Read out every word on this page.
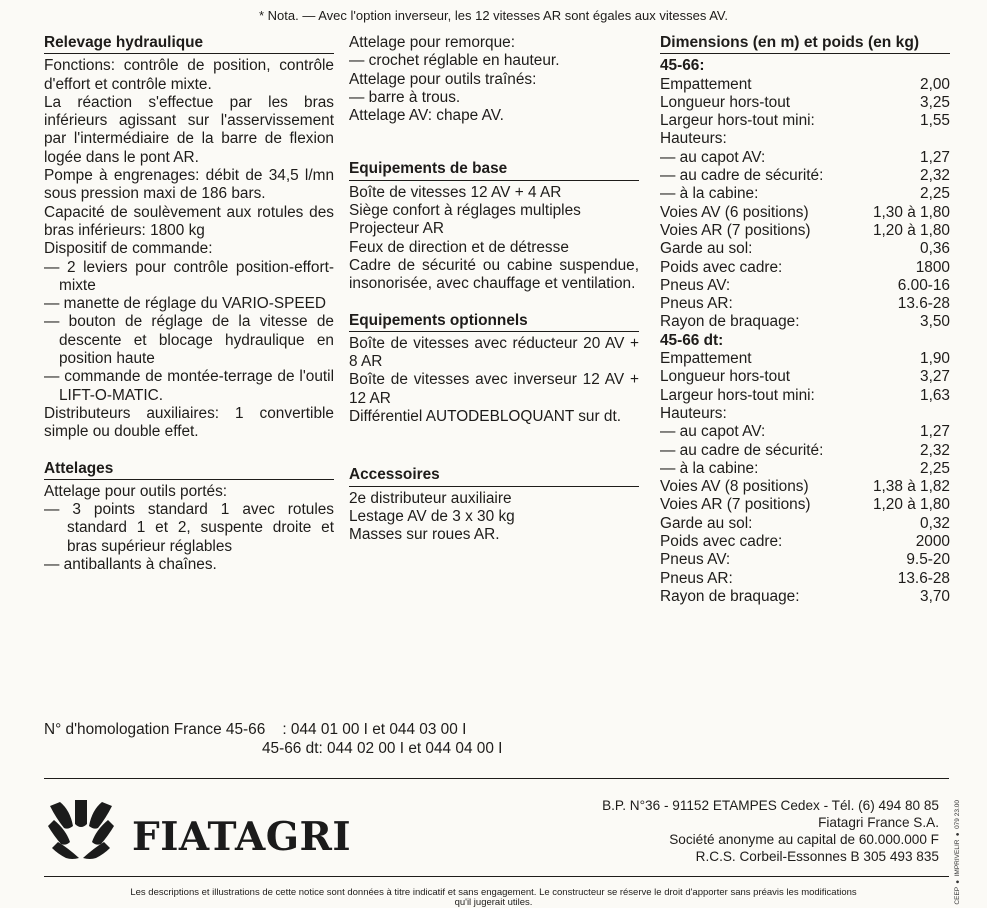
* Nota. — Avec l'option inverseur, les 12 vitesses AR sont égales aux vitesses AV.
Relevage hydraulique

Fonctions: contrôle de position, contrôle d'effort et contrôle mixte.

La réaction s'effectue par les bras inférieurs agissant sur l'asservissement par l'intermédiaire de la barre de flexion logée dans le pont AR.

Pompe à engrenages: débit de 34,5 l/mn sous pression maxi de 186 bars.

Capacité de soulèvement aux rotules des bras inférieurs: 1800 kg

Dispositif de commande:

— 2 leviers pour contrôle position-effort-mixte

— manette de réglage du VARIO-SPEED

— bouton de réglage de la vitesse de descente et blocage hydraulique en position haute

— commande de montée-terrage de l'outil LIFT-O-MATIC.

Distributeurs auxiliaires: 1 convertible simple ou double effet.

Attelages

Attelage pour outils portés:

— 3 points standard 1 avec rotules standard 1 et 2, suspente droite et bras supérieur réglables

— antiballants à chaînes.

Attelage pour remorque:

— crochet réglable en hauteur.

Attelage pour outils traînés:

— barre à trous.

Attelage AV: chape AV.

Equipements de base

Boîte de vitesses 12 AV + 4 AR

Siège confort à réglages multiples

Projecteur AR

Feux de direction et de détresse

Cadre de sécurité ou cabine suspendue, insonorisée, avec chauffage et ventilation.

Equipements optionnels

Boîte de vitesses avec réducteur 20 AV + 8 AR

Boîte de vitesses avec inverseur 12 AV + 12 AR

Différentiel AUTODEBLOQUANT sur dt.

Accessoires

2e distributeur auxiliaire

Lestage AV de 3 x 30 kg

Masses sur roues AR.

Dimensions (en m) et poids (en kg)
45-66:
Empattement	2,00
Longueur hors-tout	3,25
Largeur hors-tout mini:	1,55
Hauteurs:
— au capot AV:	1,27
— au cadre de sécurité:	2,32
— à la cabine:	2,25
Voies AV (6 positions)	1,30 à 1,80
Voies AR (7 positions)	1,20 à 1,80
Garde au sol:	0,36
Poids avec cadre:	1800
Pneus AV:	6.00-16
Pneus AR:	13.6-28
Rayon de braquage:	3,50
45-66 dt:
Empattement	1,90
Longueur hors-tout	3,27
Largeur hors-tout mini:	1,63
Hauteurs:
— au capot AV:	1,27
— au cadre de sécurité:	2,32
— à la cabine:	2,25
Voies AV (8 positions)	1,38 à 1,82
Voies AR (7 positions)	1,20 à 1,80
Garde au sol:	0,32
Poids avec cadre:	2000
Pneus AV:	9.5-20
Pneus AR:	13.6-28
Rayon de braquage:	3,70
N° d'homologation France 45-66    : 044 01 00 I et 044 03 00 I
45-66 dt: 044 02 00 I et 044 04 00 I
FIATAGRI
B.P. N°36 - 91152 ETAMPES Cedex - Tél. (6) 494 80 85
Fiatagri France S.A.
Société anonyme au capital de 60.000.000 F
R.C.S. Corbeil-Essonnes B 305 493 835 CEEP ● IMPRIVELIR ● 079 23.00
Les descriptions et illustrations de cette notice sont données à titre indicatif et sans engagement. Le constructeur se réserve le droit d'apporter sans préavis les modifications
qu'il jugerait utiles.
